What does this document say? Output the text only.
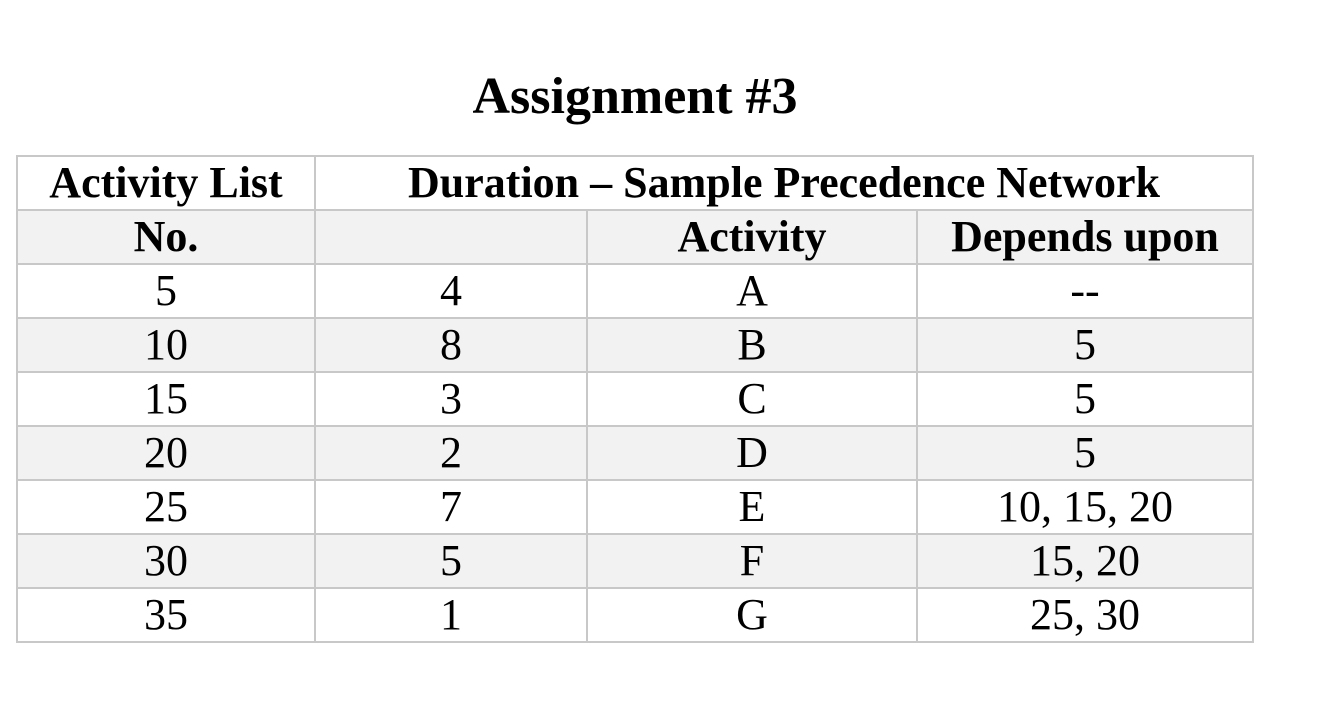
Assignment #3
Activity List	Duration – Sample Precedence Network		
No.		Activity	Depends upon
5	4	A	--
10	8	B	5
15	3	C	5
20	2	D	5
25	7	E	10, 15, 20
30	5	F	15, 20
35	1	G	25, 30
